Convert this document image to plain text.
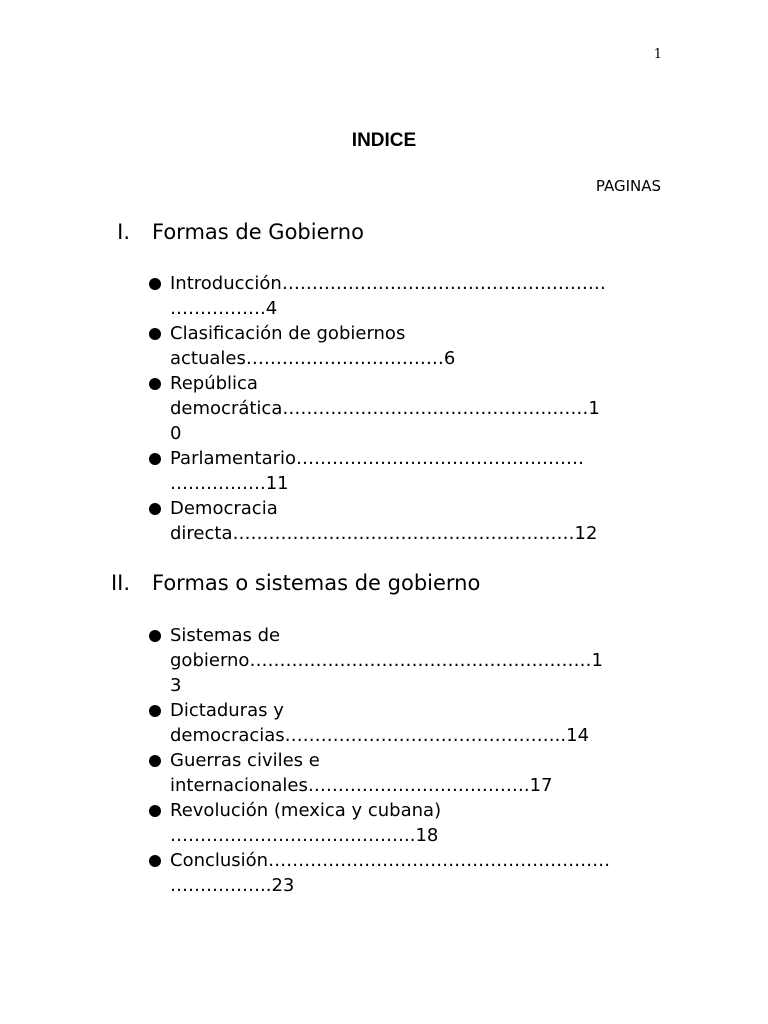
1
INDICE
PAGINAS
I. Formas de Gobierno
Introducción………………………………………………
…………….4
Clasificación de gobiernos
actuales……………………………6
República
democrática……………………………………………1
0
Parlamentario…………………………………………
…………….11
Democracia
directa…………………………………………………12
II. Formas o sistemas de gobierno
Sistemas de
gobierno…………………………………………………1
3
Dictaduras y
democracias………………………………………..14
Guerras civiles e
internacionales……………………………….17
Revolución (mexica y cubana)
…………………………………..18
Conclusión…………………………………………………
……………..23
